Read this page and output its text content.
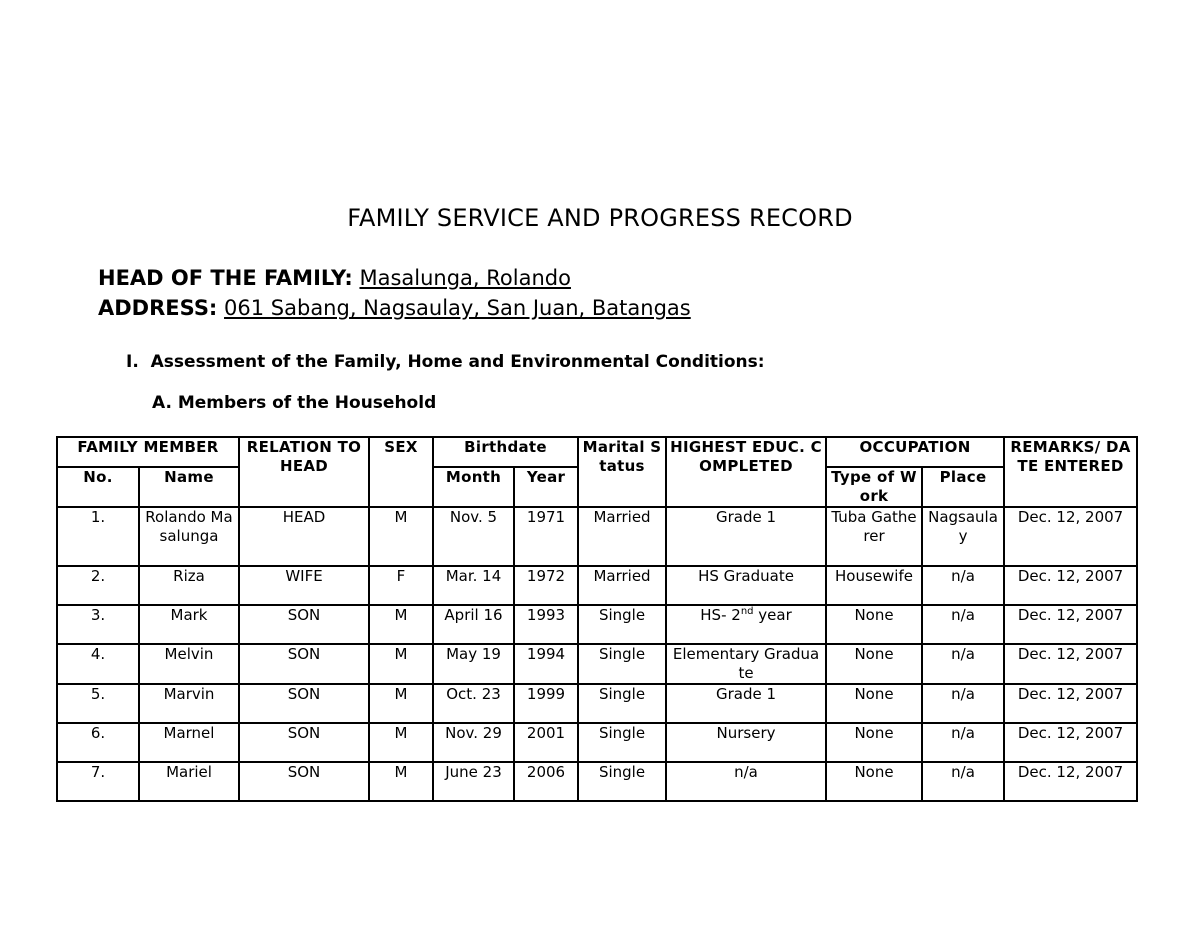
FAMILY SERVICE AND PROGRESS RECORD
HEAD OF THE FAMILY: Masalunga, Rolando
ADDRESS: 061 Sabang, Nagsaulay, San Juan, Batangas
I. Assessment of the Family, Home and Environmental Conditions:
A. Members of the Household
FAMILY MEMBER		RELATION TO HEAD	SEX	Birthdate		Marital Status	HIGHEST EDUC. COMPLETED	OCCUPATION		REMARKS/ DATE ENTERED
No.	Name			Month	Year			Type of Work	Place	
1.	Rolando Masalunga	HEAD	M	Nov. 5	1971	Married	Grade 1	Tuba Gatherer	Nagsaulay	Dec. 12, 2007
2.	Riza	WIFE	F	Mar. 14	1972	Married	HS Graduate	Housewife	n/a	Dec. 12, 2007
3.	Mark	SON	M	April 16	1993	Single	HS- 2nd year	None	n/a	Dec. 12, 2007
4.	Melvin	SON	M	May 19	1994	Single	Elementary Graduate	None	n/a	Dec. 12, 2007
5.	Marvin	SON	M	Oct. 23	1999	Single	Grade 1	None	n/a	Dec. 12, 2007
6.	Marnel	SON	M	Nov. 29	2001	Single	Nursery	None	n/a	Dec. 12, 2007
7.	Mariel	SON	M	June 23	2006	Single	n/a	None	n/a	Dec. 12, 2007
